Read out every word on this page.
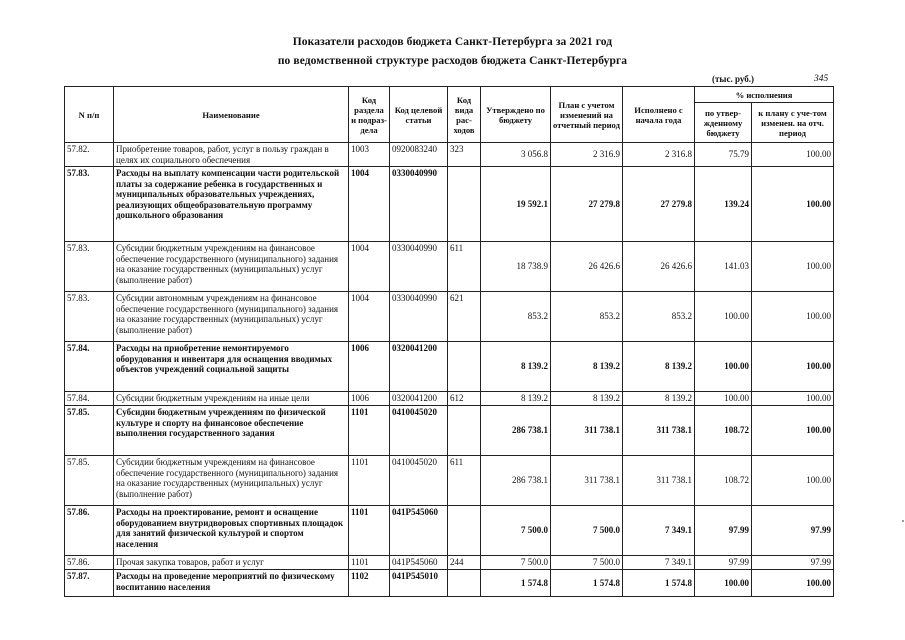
Показатели расходов бюджета Санкт-Петербурга за 2021 год
по ведомственной структуре расходов бюджета Санкт-Петербурга
(тыс. руб.)	345
N п/п	Наименование	Код раздела и подраз-дела	Код целевой статьи	Код вида рас-ходов	Утверждено по бюджету	План с учетом изменений на отчетный период	Исполнено с начала года	% исполнения	
								по утвер-жденному бюджету	к плану с уче-том изменен. на отч. период
57.82.	Приобретение товаров, работ, услуг в пользу граждан в целях их социального обеспечения	1003	0920083240	323	3 056.8	2 316.9	2 316.8	75.79	100.00
57.83.	Расходы на выплату компенсации части родительской платы за содержание ребенка в государственных и муниципальных образовательных учреждениях, реализующих общеобразовательную программу дошкольного образования	1004	0330040990		19 592.1	27 279.8	27 279.8	139.24	100.00
57.83.	Субсидии бюджетным учреждениям на финансовое обеспечение государственного (муниципального) задания на оказание государственных (муниципальных) услуг (выполнение работ)	1004	0330040990	611	18 738.9	26 426.6	26 426.6	141.03	100.00
57.83.	Субсидии автономным учреждениям на финансовое обеспечение государственного (муниципального) задания на оказание государственных (муниципальных) услуг (выполнение работ)	1004	0330040990	621	853.2	853.2	853.2	100.00	100.00
57.84.	Расходы на приобретение немонтируемого оборудования и инвентаря для оснащения вводимых объектов учреждений социальной защиты	1006	0320041200		8 139.2	8 139.2	8 139.2	100.00	100.00
57.84.	Субсидии бюджетным учреждениям на иные цели	1006	0320041200	612	8 139.2	8 139.2	8 139.2	100.00	100.00
57.85.	Субсидии бюджетным учреждениям по физической культуре и спорту на финансовое обеспечение выполнения государственного задания	1101	0410045020		286 738.1	311 738.1	311 738.1	108.72	100.00
57.85.	Субсидии бюджетным учреждениям на финансовое обеспечение государственного (муниципального) задания на оказание государственных (муниципальных) услуг (выполнение работ)	1101	0410045020	611	286 738.1	311 738.1	311 738.1	108.72	100.00
57.86.	Расходы на проектирование, ремонт и оснащение оборудованием внутридворовых спортивных площадок для занятий физической культурой и спортом населения	1101	041P545060		7 500.0	7 500.0	7 349.1	97.99	97.99
57.86.	Прочая закупка товаров, работ и услуг	1101	041P545060	244	7 500.0	7 500.0	7 349.1	97.99	97.99
57.87.	Расходы на проведение мероприятий по физическому воспитанию населения	1102	041P545010		1 574.8	1 574.8	1 574.8	100.00	100.00
